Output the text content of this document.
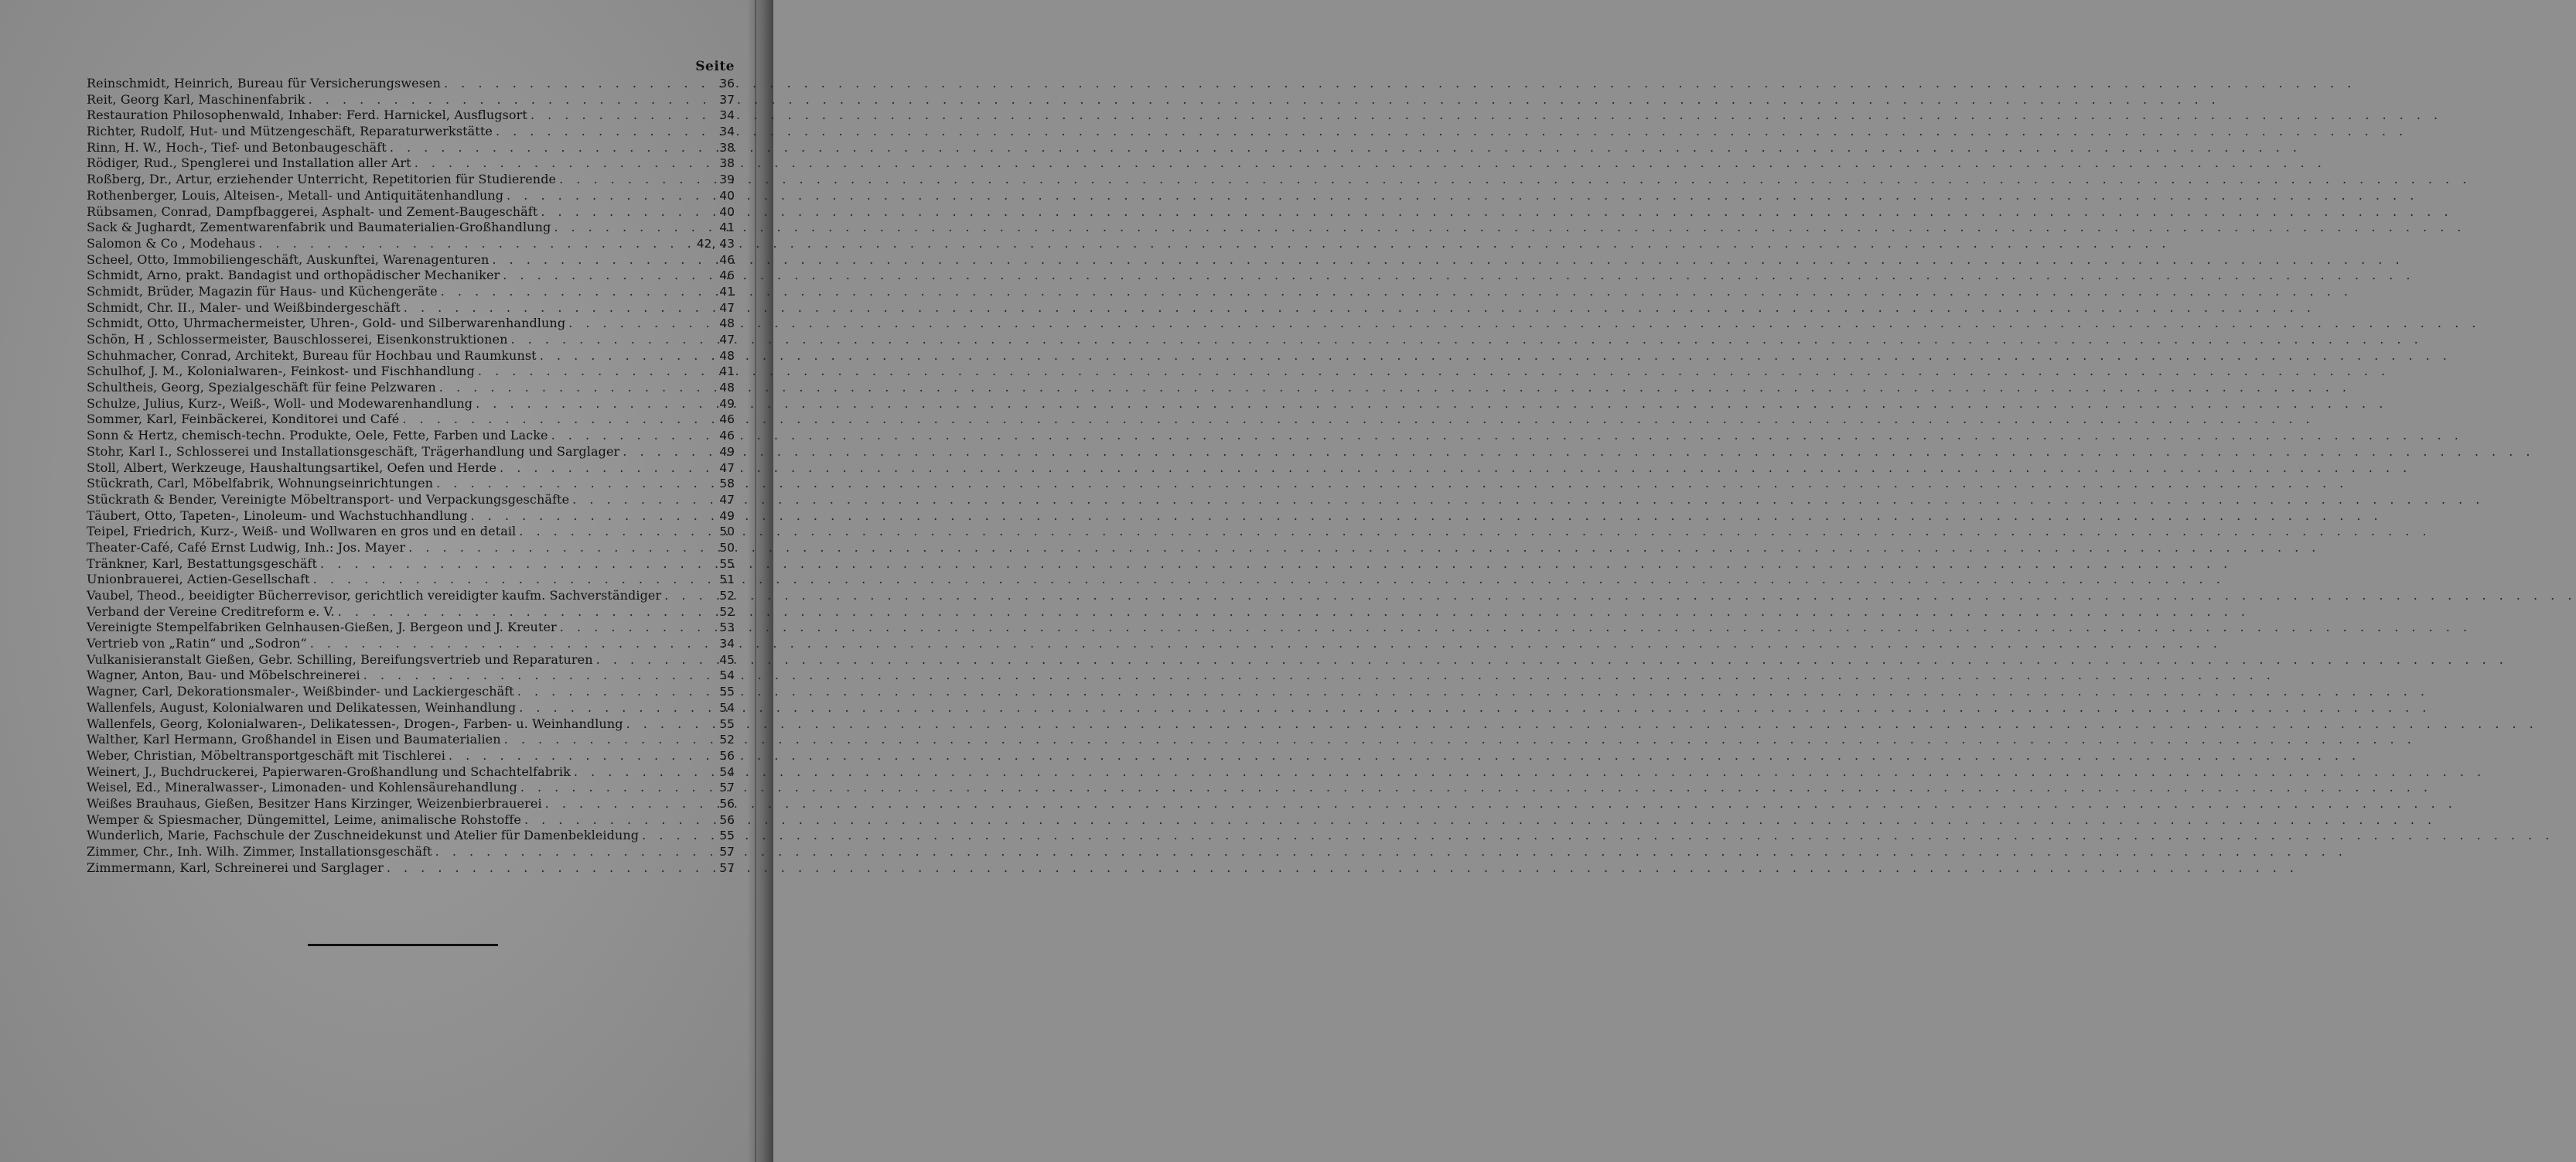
Seite
Reinschmidt, Heinrich, Bureau für Versicherungswesen . . .	36
Reit, Georg Karl, Maschinenfabrik . . .	37
Restauration Philosophenwald, Inhaber: Ferd. Harnickel, Ausflugsort . . .	34
Richter, Rudolf, Hut- und Mützengeschäft, Reparaturwerkstätte . . .	34
Rinn, H. W., Hoch-, Tief- und Betonbaugeschäft . . .	38
Rödiger, Rud., Spenglerei und Installation aller Art . . .	38
Roßberg, Dr., Artur, erziehender Unterricht, Repetitorien für Studierende . . .	39
Rothenberger, Louis, Alteisen-, Metall- und Antiquitätenhandlung . . .	40
Rübsamen, Conrad, Dampfbaggerei, Asphalt- und Zement-Baugeschäft . . .	40
Sack & Jughardt, Zementwarenfabrik und Baumaterialien-Großhandlung . . .	41
Salomon & Co , Modehaus . . .	42, 43
Scheel, Otto, Immobiliengeschäft, Auskunftei, Warenagenturen . . .	46
Schmidt, Arno, prakt. Bandagist und orthopädischer Mechaniker . . .	46
Schmidt, Brüder, Magazin für Haus- und Küchengeräte . . .	41
Schmidt, Chr. II., Maler- und Weißbindergeschäft . . .	47
Schmidt, Otto, Uhrmachermeister, Uhren-, Gold- und Silberwarenhandlung . . .	48
Schön, H , Schlossermeister, Bauschlosserei, Eisenkonstruktionen . . .	47
Schuhmacher, Conrad, Architekt, Bureau für Hochbau und Raumkunst . . .	48
Schulhof, J. M., Kolonialwaren-, Feinkost- und Fischhandlung . . .	41
Schultheis, Georg, Spezialgeschäft für feine Pelzwaren . . .	48
Schulze, Julius, Kurz-, Weiß-, Woll- und Modewarenhandlung . . .	49
Sommer, Karl, Feinbäckerei, Konditorei und Café . . .	46
Sonn & Hertz, chemisch-techn. Produkte, Oele, Fette, Farben und Lacke . . .	46
Stohr, Karl I., Schlosserei und Installationsgeschäft, Trägerhandlung und Sarglager . . .	49
Stoll, Albert, Werkzeuge, Haushaltungsartikel, Oefen und Herde . . .	47
Stückrath, Carl, Möbelfabrik, Wohnungseinrichtungen . . .	58
Stückrath & Bender, Vereinigte Möbeltransport- und Verpackungsgeschäfte . . .	47
Täubert, Otto, Tapeten-, Linoleum- und Wachstuchhandlung . . .	49
Teipel, Friedrich, Kurz-, Weiß- und Wollwaren en gros und en detail . . .	50
Theater-Café, Café Ernst Ludwig, Inh.: Jos. Mayer . . .	50
Tränkner, Karl, Bestattungsgeschäft . . .	55
Unionbrauerei, Actien-Gesellschaft . . .	51
Vaubel, Theod., beeidigter Bücherrevisor, gerichtlich vereidigter kaufm. Sachverständiger . . .	52
Verband der Vereine Creditreform e. V. . . .	52
Vereinigte Stempelfabriken Gelnhausen-Gießen, J. Bergeon und J. Kreuter . . .	53
Vertrieb von „Ratin“ und „Sodron“ . . .	34
Vulkanisieranstalt Gießen, Gebr. Schilling, Bereifungsvertrieb und Reparaturen . . .	45
Wagner, Anton, Bau- und Möbelschreinerei . . .	54
Wagner, Carl, Dekorationsmaler-, Weißbinder- und Lackiergeschäft . . .	55
Wallenfels, August, Kolonialwaren und Delikatessen, Weinhandlung . . .	54
Wallenfels, Georg, Kolonialwaren-, Delikatessen-, Drogen-, Farben- u. Weinhandlung . . .	55
Walther, Karl Hermann, Großhandel in Eisen und Baumaterialien . . .	52
Weber, Christian, Möbeltransportgeschäft mit Tischlerei . . .	56
Weinert, J., Buchdruckerei, Papierwaren-Großhandlung und Schachtelfabrik . . .	54
Weisel, Ed., Mineralwasser-, Limonaden- und Kohlensäurehandlung . . .	57
Weißes Brauhaus, Gießen, Besitzer Hans Kirzinger, Weizenbierbrauerei . . .	56
Wemper & Spiesmacher, Düngemittel, Leime, animalische Rohstoffe . . .	56
Wunderlich, Marie, Fachschule der Zuschneidekunst und Atelier für Damenbekleidung . . .	55
Zimmer, Chr., Inh. Wilh. Zimmer, Installationsgeschäft . . .	57
Zimmermann, Karl, Schreinerei und Sarglager . . .	57
